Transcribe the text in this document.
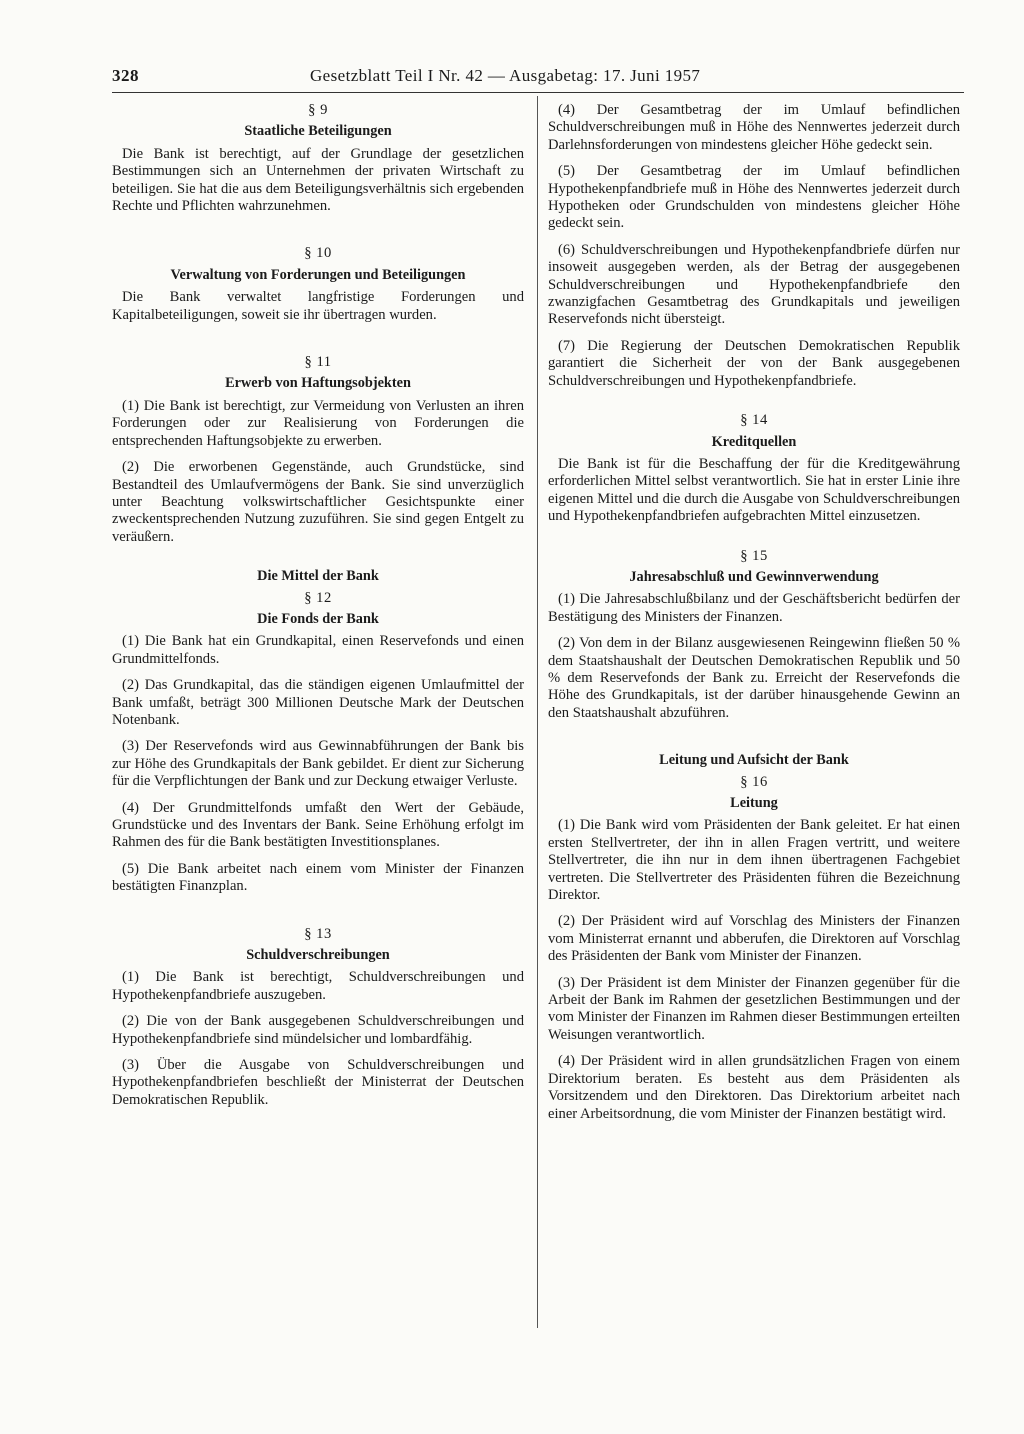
328	Gesetzblatt Teil I Nr. 42 — Ausgabetag: 17. Juni 1957
§ 9
Staatliche Beteiligungen

Die Bank ist berechtigt, auf der Grundlage der gesetzlichen Bestimmungen sich an Unternehmen der privaten Wirtschaft zu beteiligen. Sie hat die aus dem Beteiligungsverhältnis sich ergebenden Rechte und Pflichten wahrzunehmen.

§ 10
Verwaltung von Forderungen und Beteiligungen

Die Bank verwaltet langfristige Forderungen und Kapitalbeteiligungen, soweit sie ihr übertragen wurden.

§ 11
Erwerb von Haftungsobjekten

(1) Die Bank ist berechtigt, zur Vermeidung von Verlusten an ihren Forderungen oder zur Realisierung von Forderungen die entsprechenden Haftungsobjekte zu erwerben.

(2) Die erworbenen Gegenstände, auch Grundstücke, sind Bestandteil des Umlaufvermögens der Bank. Sie sind unverzüglich unter Beachtung volkswirtschaftlicher Gesichtspunkte einer zweckentsprechenden Nutzung zuzuführen. Sie sind gegen Entgelt zu veräußern.

Die Mittel der Bank
§ 12
Die Fonds der Bank

(1) Die Bank hat ein Grundkapital, einen Reservefonds und einen Grundmittelfonds.

(2) Das Grundkapital, das die ständigen eigenen Umlaufmittel der Bank umfaßt, beträgt 300 Millionen Deutsche Mark der Deutschen Notenbank.

(3) Der Reservefonds wird aus Gewinnabführungen der Bank bis zur Höhe des Grundkapitals der Bank gebildet. Er dient zur Sicherung für die Verpflichtungen der Bank und zur Deckung etwaiger Verluste.

(4) Der Grundmittelfonds umfaßt den Wert der Gebäude, Grundstücke und des Inventars der Bank. Seine Erhöhung erfolgt im Rahmen des für die Bank bestätigten Investitionsplanes.

(5) Die Bank arbeitet nach einem vom Minister der Finanzen bestätigten Finanzplan.

§ 13
Schuldverschreibungen

(1) Die Bank ist berechtigt, Schuldverschreibungen und Hypothekenpfandbriefe auszugeben.

(2) Die von der Bank ausgegebenen Schuldverschreibungen und Hypothekenpfandbriefe sind mündelsicher und lombardfähig.

(3) Über die Ausgabe von Schuldverschreibungen und Hypothekenpfandbriefen beschließt der Ministerrat der Deutschen Demokratischen Republik.

(4) Der Gesamtbetrag der im Umlauf befindlichen Schuldverschreibungen muß in Höhe des Nennwertes jederzeit durch Darlehnsforderungen von mindestens gleicher Höhe gedeckt sein.

(5) Der Gesamtbetrag der im Umlauf befindlichen Hypothekenpfandbriefe muß in Höhe des Nennwertes jederzeit durch Hypotheken oder Grundschulden von mindestens gleicher Höhe gedeckt sein.

(6) Schuldverschreibungen und Hypothekenpfandbriefe dürfen nur insoweit ausgegeben werden, als der Betrag der ausgegebenen Schuldverschreibungen und Hypothekenpfandbriefe den zwanzigfachen Gesamtbetrag des Grundkapitals und jeweiligen Reservefonds nicht übersteigt.

(7) Die Regierung der Deutschen Demokratischen Republik garantiert die Sicherheit der von der Bank ausgegebenen Schuldverschreibungen und Hypothekenpfandbriefe.

§ 14
Kreditquellen

Die Bank ist für die Beschaffung der für die Kreditgewährung erforderlichen Mittel selbst verantwortlich. Sie hat in erster Linie ihre eigenen Mittel und die durch die Ausgabe von Schuldverschreibungen und Hypothekenpfandbriefen aufgebrachten Mittel einzusetzen.

§ 15
Jahresabschluß und Gewinnverwendung

(1) Die Jahresabschlußbilanz und der Geschäftsbericht bedürfen der Bestätigung des Ministers der Finanzen.

(2) Von dem in der Bilanz ausgewiesenen Reingewinn fließen 50 % dem Staatshaushalt der Deutschen Demokratischen Republik und 50 % dem Reservefonds der Bank zu. Erreicht der Reservefonds die Höhe des Grundkapitals, ist der darüber hinausgehende Gewinn an den Staatshaushalt abzuführen.

Leitung und Aufsicht der Bank
§ 16
Leitung

(1) Die Bank wird vom Präsidenten der Bank geleitet. Er hat einen ersten Stellvertreter, der ihn in allen Fragen vertritt, und weitere Stellvertreter, die ihn nur in dem ihnen übertragenen Fachgebiet vertreten. Die Stellvertreter des Präsidenten führen die Bezeichnung Direktor.

(2) Der Präsident wird auf Vorschlag des Ministers der Finanzen vom Ministerrat ernannt und abberufen, die Direktoren auf Vorschlag des Präsidenten der Bank vom Minister der Finanzen.

(3) Der Präsident ist dem Minister der Finanzen gegenüber für die Arbeit der Bank im Rahmen der gesetzlichen Bestimmungen und der vom Minister der Finanzen im Rahmen dieser Bestimmungen erteilten Weisungen verantwortlich.

(4) Der Präsident wird in allen grundsätzlichen Fragen von einem Direktorium beraten. Es besteht aus dem Präsidenten als Vorsitzendem und den Direktoren. Das Direktorium arbeitet nach einer Arbeitsordnung, die vom Minister der Finanzen bestätigt wird.
